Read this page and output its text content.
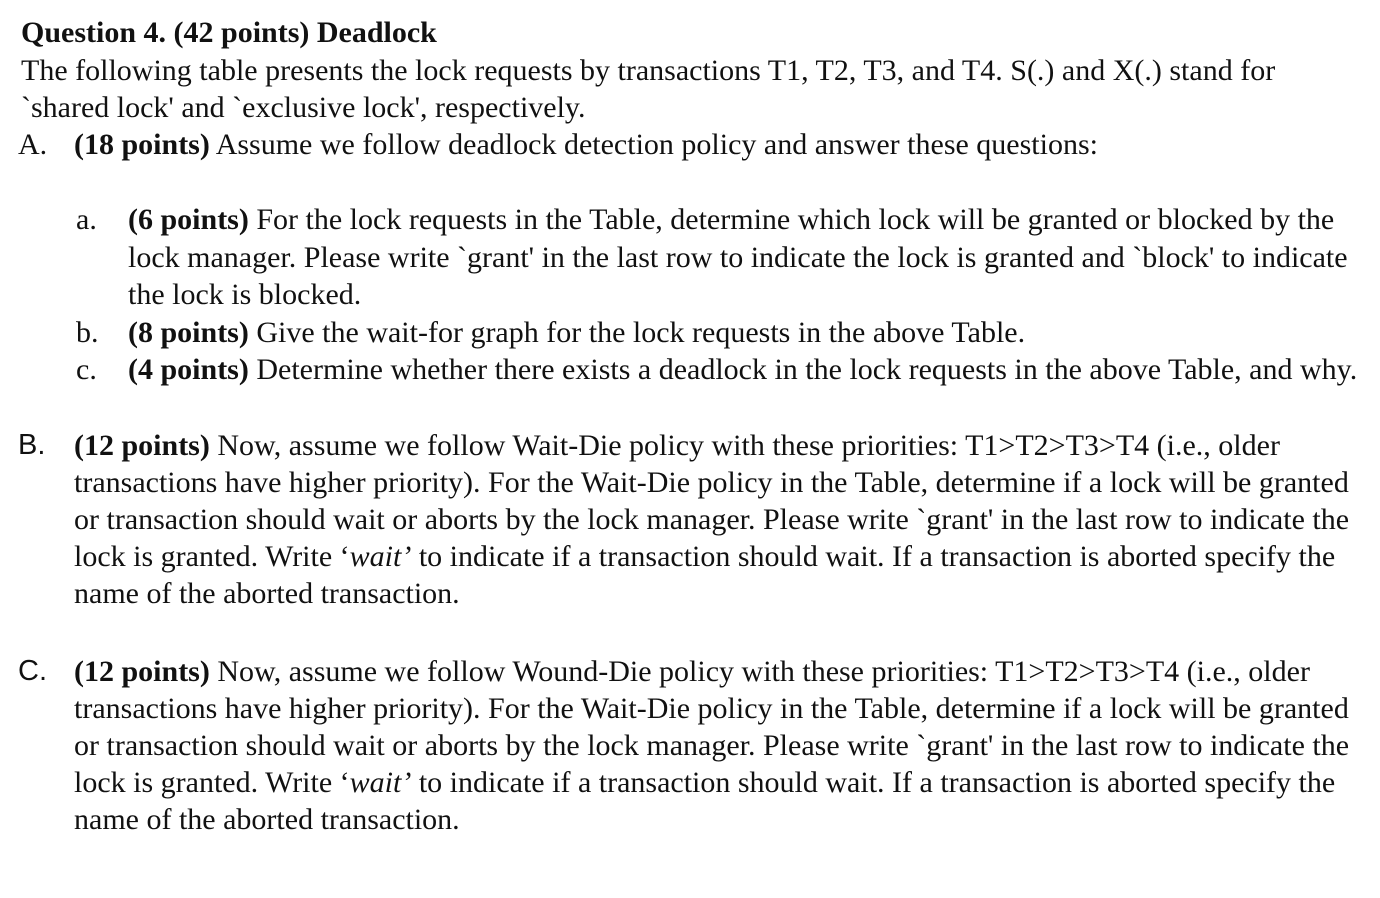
Question 4. (42 points) Deadlock
The following table presents the lock requests by transactions T1, T2, T3, and T4. S(.) and X(.) stand for `shared lock' and `exclusive lock', respectively.
A. (18 points) Assume we follow deadlock detection policy and answer these questions:
a.	(6 points) For the lock requests in the Table, determine which lock will be granted or blocked by the lock manager. Please write `grant' in the last row to indicate the lock is granted and `block' to indicate the lock is blocked.
b. (8 points) Give the wait-for graph for the lock requests in the above Table.
c.	(4 points) Determine whether there exists a deadlock in the lock requests in the above Table, and why.
B. (12 points) Now, assume we follow Wait-Die policy with these priorities: T1>T2>T3>T4 (i.e., older transactions have higher priority). For the Wait-Die policy in the Table, determine if a lock will be granted or transaction should wait or aborts by the lock manager. Please write `grant' in the last row to indicate the lock is granted. Write ‘wait’ to indicate if a transaction should wait. If a transaction is aborted specify the name of the aborted transaction.
C. (12 points) Now, assume we follow Wound-Die policy with these priorities: T1>T2>T3>T4 (i.e., older transactions have higher priority). For the Wait-Die policy in the Table, determine if a lock will be granted or transaction should wait or aborts by the lock manager. Please write `grant' in the last row to indicate the lock is granted. Write ‘wait’ to indicate if a transaction should wait. If a transaction is aborted specify the name of the aborted transaction.
